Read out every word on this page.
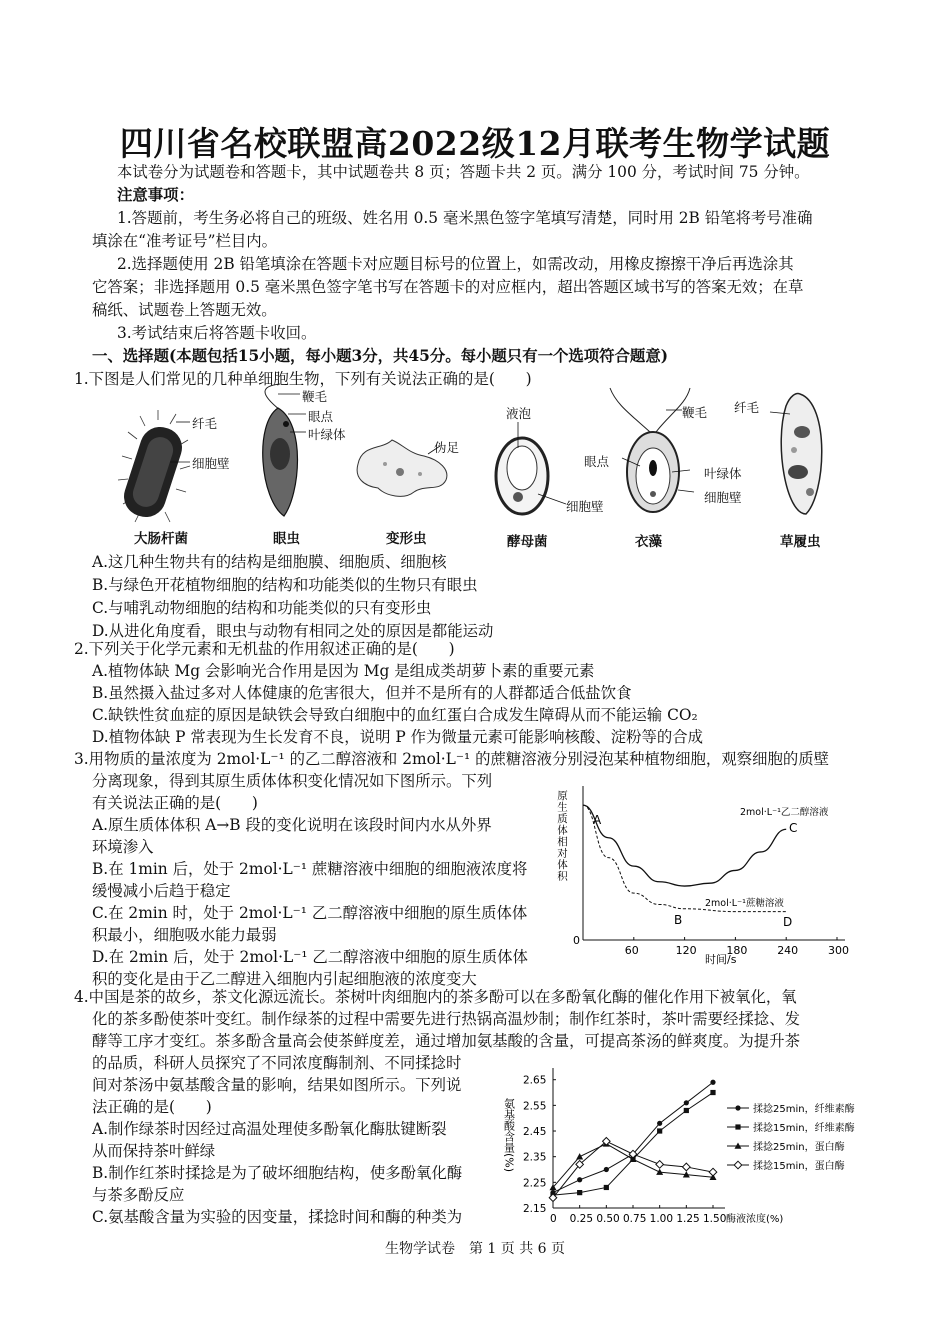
四川省名校联盟高2022级12月联考生物学试题
本试卷分为试题卷和答题卡，其中试题卷共 8 页；答题卡共 2 页。满分 100 分，考试时间 75 分钟。
注意事项：
1.答题前，考生务必将自己的班级、姓名用 0.5 毫米黑色签字笔填写清楚，同时用 2B 铅笔将考号准确
填涂在“准考证号”栏目内。
2.选择题使用 2B 铅笔填涂在答题卡对应题目标号的位置上，如需改动，用橡皮擦擦干净后再选涂其
它答案；非选择题用 0.5 毫米黑色签字笔书写在答题卡的对应框内，超出答题区域书写的答案无效；在草
稿纸、试题卷上答题无效。
3.考试结束后将答题卡收回。
一、选择题(本题包括15小题，每小题3分，共45分。每小题只有一个选项符合题意)
1.下图是人们常见的几种单细胞生物，下列有关说法正确的是(　　)
纤毛
细胞壁
鞭毛
眼点
叶绿体
伪足
液泡
细胞壁
鞭毛
眼点
叶绿体
细胞壁
纤毛
大肠杆菌	眼虫	变形虫	酵母菌	衣藻	草履虫
A.这几种生物共有的结构是细胞膜、细胞质、细胞核
B.与绿色开花植物细胞的结构和功能类似的生物只有眼虫
C.与哺乳动物细胞的结构和功能类似的只有变形虫
D.从进化角度看，眼虫与动物有相同之处的原因是都能运动
2.下列关于化学元素和无机盐的作用叙述正确的是(　　)
A.植物体缺 Mg 会影响光合作用是因为 Mg 是组成类胡萝卜素的重要元素
B.虽然摄入盐过多对人体健康的危害很大，但并不是所有的人群都适合低盐饮食
C.缺铁性贫血症的原因是缺铁会导致白细胞中的血红蛋白合成发生障碍从而不能运输 CO₂
D.植物体缺 P 常表现为生长发育不良，说明 P 作为微量元素可能影响核酸、淀粉等的合成
3.用物质的量浓度为 2mol·L⁻¹ 的乙二醇溶液和 2mol·L⁻¹ 的蔗糖溶液分别浸泡某种植物细胞，观察细胞的质壁
分离现象，得到其原生质体体积变化情况如下图所示。下列
有关说法正确的是(　　)
A.原生质体体积 A→B 段的变化说明在该段时间内水从外界
环境渗入
B.在 1min 后，处于 2mol·L⁻¹ 蔗糖溶液中细胞的细胞液浓度将
缓慢减小后趋于稳定
C.在 2min 时，处于 2mol·L⁻¹ 乙二醇溶液中细胞的原生质体体
积最小，细胞吸水能力最弱
D.在 2min 后，处于 2mol·L⁻¹ 乙二醇溶液中细胞的原生质体体
积的变化是由于乙二醇进入细胞内引起细胞液的浓度变大
原生质体相对体积
0
60	120	180	240	300
时间/s
2mol·L⁻¹乙二醇溶液
2mol·L⁻¹蔗糖溶液
A
B
C
D
4.中国是茶的故乡，茶文化源远流长。茶树叶肉细胞内的茶多酚可以在多酚氧化酶的催化作用下被氧化，氧
化的茶多酚使茶叶变红。制作绿茶的过程中需要先进行热锅高温炒制；制作红茶时，茶叶需要经揉捻、发
酵等工序才变红。茶多酚含量高会使茶鲜度差，通过增加氨基酸的含量，可提高茶汤的鲜爽度。为提升茶
的品质，科研人员探究了不同浓度酶制剂、不同揉捻时
间对茶汤中氨基酸含量的影响，结果如图所示。下列说
法正确的是(　　)
A.制作绿茶时因经过高温处理使多酚氧化酶肽键断裂
从而保持茶叶鲜绿
B.制作红茶时揉捻是为了破坏细胞结构，使多酚氧化酶
与茶多酚反应
C.氨基酸含量为实验的因变量，揉捻时间和酶的种类为
氨基酸含量(%)
2.15
2.25
2.35
2.45
2.55
2.65
0 0.25 0.50 0.75 1.00 1.25 1.50 酶液浓度(%)
揉捻25min，纤维素酶
揉捻15min，纤维素酶
揉捻25min，蛋白酶
揉捻15min，蛋白酶
生物学试卷　第 1 页 共 6 页
